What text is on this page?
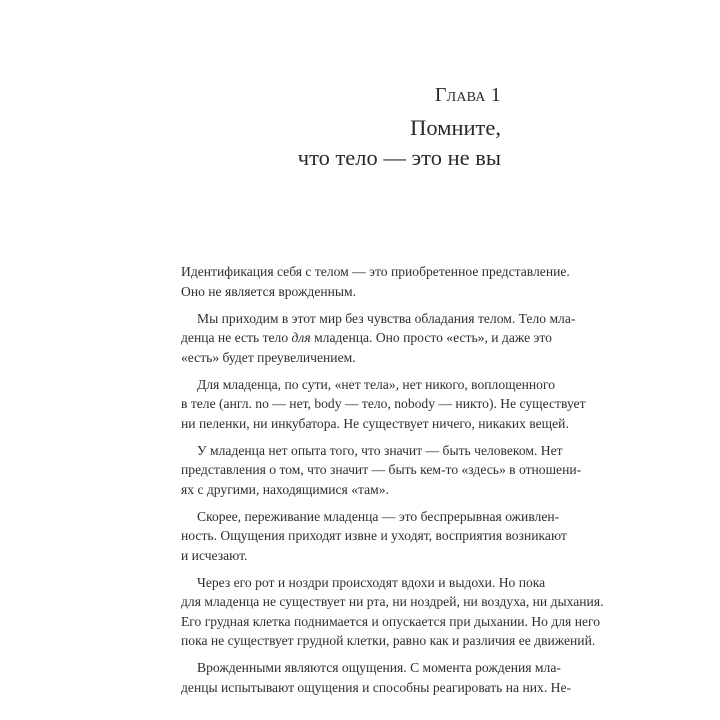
Глава 1
Помните,
что тело — это не вы
Идентификация себя с телом — это приобретенное представление.
Оно не является врожденным.
Мы приходим в этот мир без чувства обладания телом. Тело мла-
денца не есть тело для младенца. Оно просто «есть», и даже это
«есть» будет преувеличением.
Для младенца, по сути, «нет тела», нет никого, воплощенного
в теле (англ. no — нет, body — тело, nobody — никто). Не существует
ни пеленки, ни инкубатора. Не существует ничего, никаких вещей.
У младенца нет опыта того, что значит — быть человеком. Нет
представления о том, что значит — быть кем-то «здесь» в отношени-
ях с другими, находящимися «там».
Скорее, переживание младенца — это беспрерывная оживлен-
ность. Ощущения приходят извне и уходят, восприятия возникают
и исчезают.
Через его рот и ноздри происходят вдохи и выдохи. Но пока
для младенца не существует ни рта, ни ноздрей, ни воздуха, ни дыхания.
Его грудная клетка поднимается и опускается при дыхании. Но для него
пока не существует грудной клетки, равно как и различия ее движений.
Врожденными являются ощущения. С момента рождения мла-
денцы испытывают ощущения и способны реагировать на них. Не-
